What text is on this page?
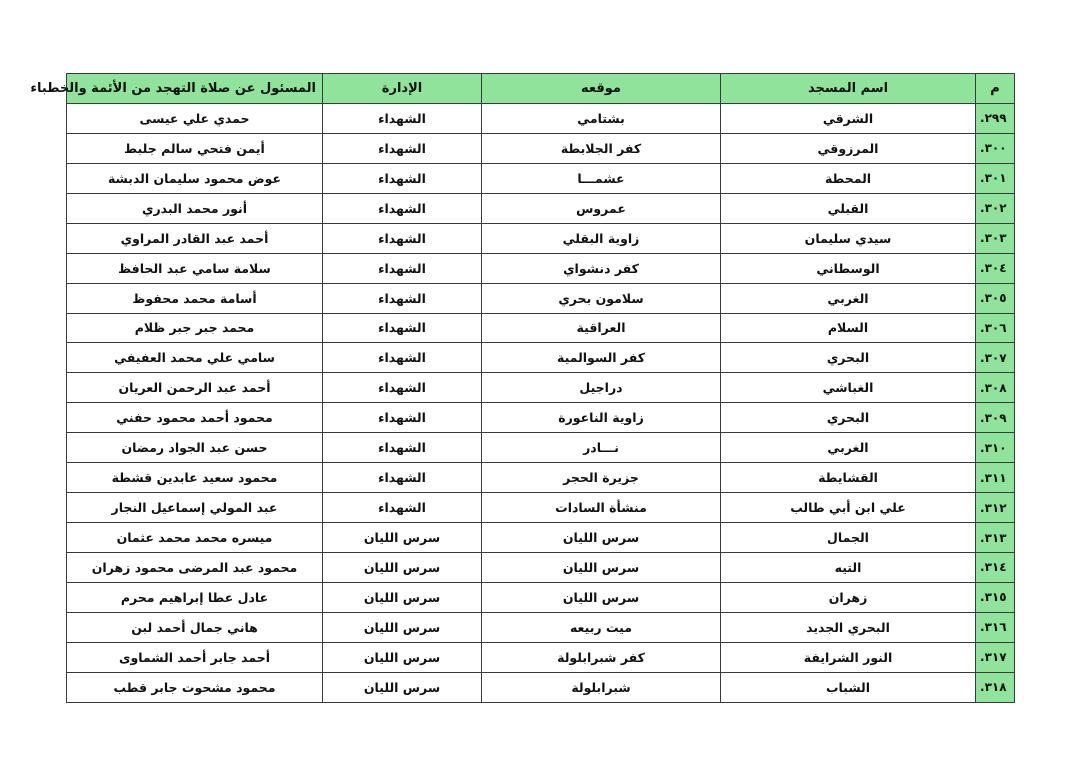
م	اسم المسجد	موقعه	الإدارة	المسئول عن صلاة التهجد من الأئمة والخطباء
٢٩٩.	الشرقي	بشتامي	الشهداء	حمدي علي عيسى
٣٠٠.	المرزوقي	كفر الجلابطة	الشهداء	أيمن فتحي سالم جلبط
٣٠١.	المحطة	عشمـــا	الشهداء	عوض محمود سليمان الدبشة
٣٠٢.	القبلي	عمروس	الشهداء	أنور محمد البدري
٣٠٣.	سيدي سليمان	زاوية البقلي	الشهداء	أحمد عبد القادر المراوي
٣٠٤.	الوسطاني	كفر دنشواي	الشهداء	سلامة سامي عبد الحافظ
٣٠٥.	الغربي	سلامون بحري	الشهداء	أسامة محمد محفوظ
٣٠٦.	السلام	العراقية	الشهداء	محمد جبر جبر ظلام
٣٠٧.	البحري	كفر السوالمية	الشهداء	سامي علي محمد العفيفي
٣٠٨.	الغباشي	دراجيل	الشهداء	أحمد عبد الرحمن العريان
٣٠٩.	البحري	زاوية الناعورة	الشهداء	محمود أحمد محمود حفني
٣١٠.	الغربي	نـــادر	الشهداء	حسن عبد الجواد رمضان
٣١١.	القشايطة	جزيرة الحجر	الشهداء	محمود سعيد عابدين قشطة
٣١٢.	علي ابن أبي طالب	منشأة السادات	الشهداء	عبد المولي إسماعيل النجار
٣١٣.	الجمال	سرس الليان	سرس الليان	ميسره محمد محمد عثمان
٣١٤.	التيه	سرس الليان	سرس الليان	محمود عبد المرضى محمود زهران
٣١٥.	زهران	سرس الليان	سرس الليان	عادل عطا إبراهيم محرم
٣١٦.	البحري الجديد	ميت ربيعه	سرس الليان	هاني جمال أحمد لبن
٣١٧.	النور الشرايفة	كفر شبرابلولة	سرس الليان	أحمد جابر أحمد الشماوى
٣١٨.	الشباب	شبرابلولة	سرس الليان	محمود مشحوت جابر قطب
